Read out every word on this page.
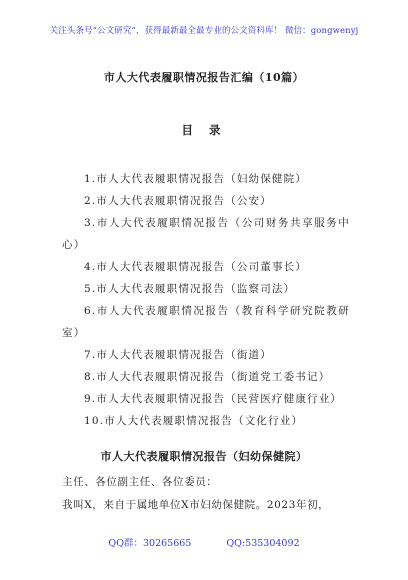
关注头条号“公文研究”，获得最新最全最专业的公文资料库！ 微信：gongwenyj
市人大代表履职情况报告汇编（10篇）
目 录
1.市人大代表履职情况报告（妇幼保健院）
2.市人大代表履职情况报告（公安）
3.市人大代表履职情况报告（公司财务共享服务中心）
4.市人大代表履职情况报告（公司董事长）
5.市人大代表履职情况报告（监察司法）
6.市人大代表履职情况报告（教育科学研究院教研室）
7.市人大代表履职情况报告（街道）
8.市人大代表履职情况报告（街道党工委书记）
9.市人大代表履职情况报告（民营医疗健康行业）
10.市人大代表履职情况报告（文化行业）
市人大代表履职情况报告（妇幼保健院）
主任、各位副主任、各位委员：
我叫X，来自于属地单位X市妇幼保健院。2023年初，
QQ群：30265665	QQ:535304092
